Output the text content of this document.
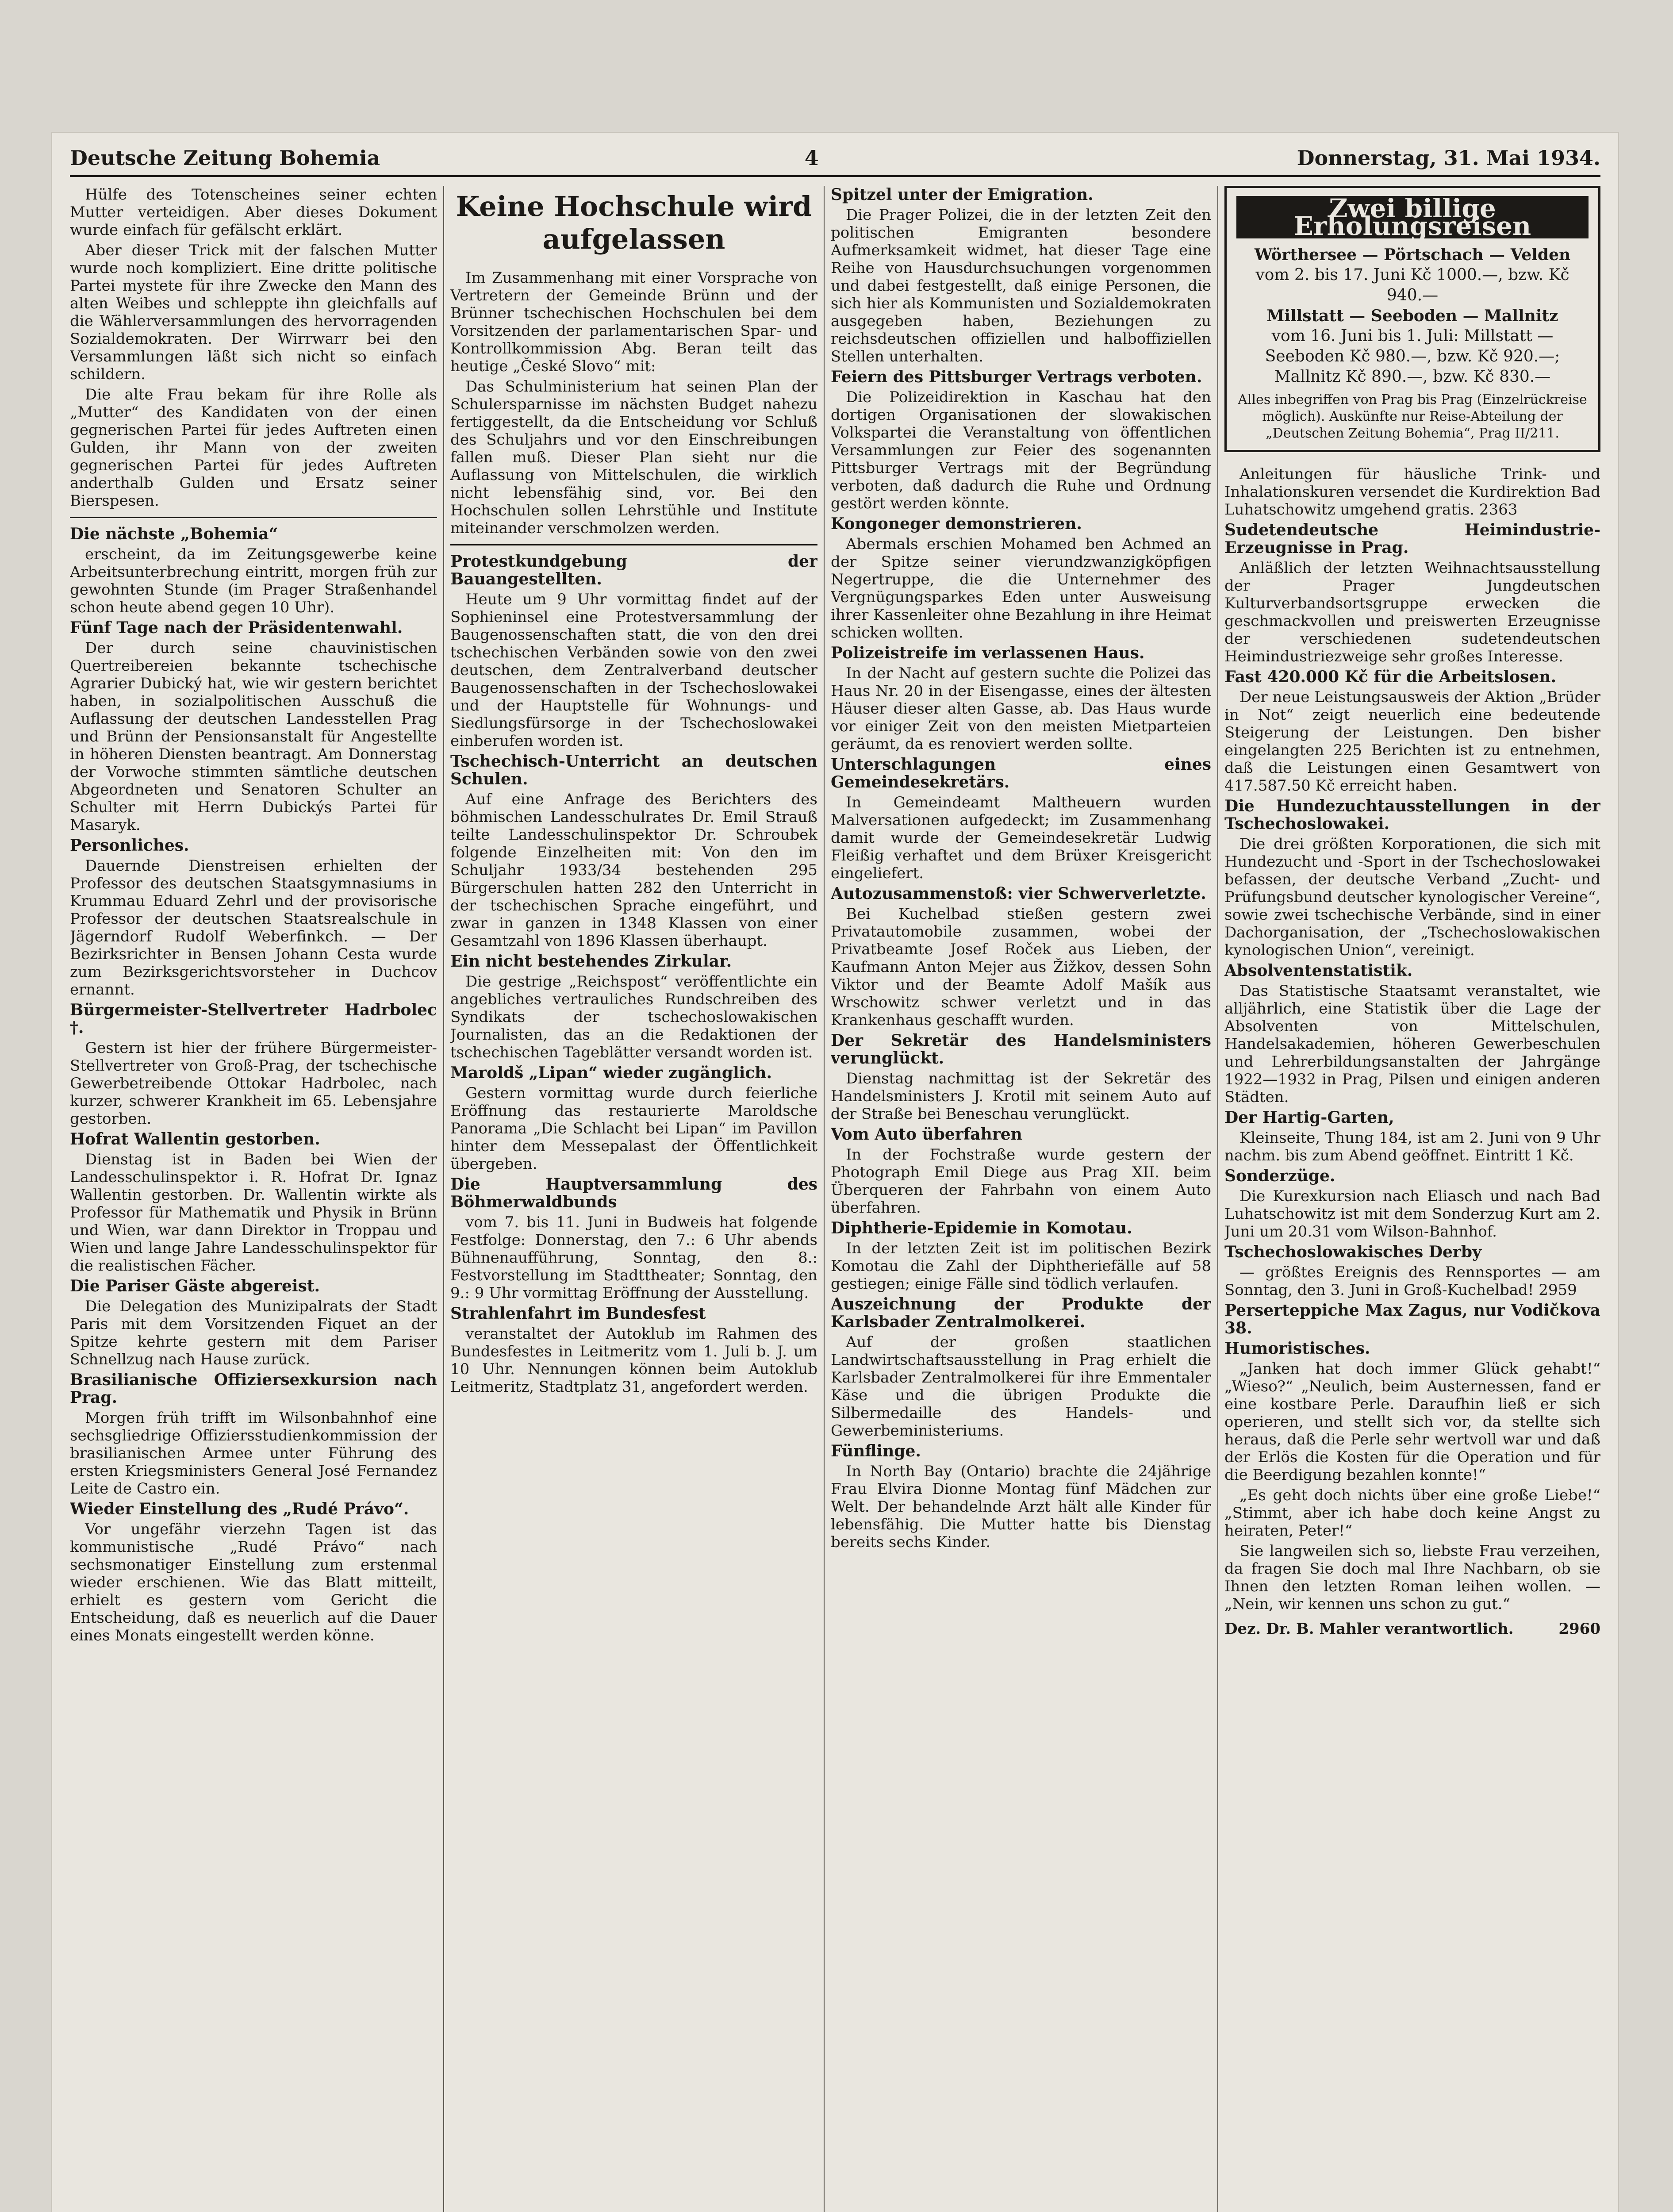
Deutsche Zeitung Bohemia	4	Donnerstag, 31. Mai 1934.

Hülfe des Totenscheines seiner echten Mutter verteidigen. Aber dieses Dokument wurde einfach für gefälscht erklärt.

Aber dieser Trick mit der falschen Mutter wurde noch kompliziert. Eine dritte politische Partei mystete für ihre Zwecke den Mann des alten Weibes und schleppte ihn gleichfalls auf die Wählerversammlungen des hervorragenden Sozialdemokraten. Der Wirrwarr bei den Versammlungen läßt sich nicht so einfach schildern.

Die alte Frau bekam für ihre Rolle als „Mutter“ des Kandidaten von der einen gegnerischen Partei für jedes Auftreten einen Gulden, ihr Mann von der zweiten gegnerischen Partei für jedes Auftreten anderthalb Gulden und Ersatz seiner Bierspesen.

Die nächste „Bohemia“

erscheint, da im Zeitungsgewerbe keine Arbeitsunterbrechung eintritt, morgen früh zur gewohnten Stunde (im Prager Straßenhandel schon heute abend gegen 10 Uhr).

Fünf Tage nach der Präsidentenwahl.

Der durch seine chauvinistischen Quertreibereien bekannte tschechische Agrarier Dubický hat, wie wir gestern berichtet haben, in sozialpolitischen Ausschuß die Auflassung der deutschen Landesstellen Prag und Brünn der Pensionsanstalt für Angestellte in höheren Diensten beantragt. Am Donnerstag der Vorwoche stimmten sämtliche deutschen Abgeordneten und Senatoren Schulter an Schulter mit Herrn Dubickýs Partei für Masaryk.

Personliches.

Dauernde Dienstreisen erhielten der Professor des deutschen Staatsgymnasiums in Krummau Eduard Zehrl und der provisorische Professor der deutschen Staatsrealschule in Jägerndorf Rudolf Weberfinkch. — Der Bezirksrichter in Bensen Johann Cesta wurde zum Bezirksgerichtsvorsteher in Duchcov ernannt.

Bürgermeister-Stellvertreter Hadrboleс †.

Gestern ist hier der frühere Bürgermeister-Stellvertreter von Groß-Prag, der tschechische Gewerbetreibende Ottokar Hadrboleс, nach kurzer, schwerer Krankheit im 65. Lebensjahre gestorben.

Hofrat Wallentin gestorben.

Dienstag ist in Baden bei Wien der Landesschulinspektor i. R. Hofrat Dr. Ignaz Wallentin gestorben. Dr. Wallentin wirkte als Professor für Mathematik und Physik in Brünn und Wien, war dann Direktor in Troppau und Wien und lange Jahre Landesschulinspektor für die realistischen Fächer.

Die Pariser Gäste abgereist.

Die Delegation des Munizipalrats der Stadt Paris mit dem Vorsitzenden Fiquet an der Spitze kehrte gestern mit dem Pariser Schnellzug nach Hause zurück.

Brasilianische Offiziersexkursion nach Prag.

Morgen früh trifft im Wilsonbahnhof eine sechsgliedrige Offiziersstudienkommission der brasilianischen Armee unter Führung des ersten Kriegsministers General José Fernandez Leite de Castro ein.

Wieder Einstellung des „Rudé Právo“.

Vor ungefähr vierzehn Tagen ist das kommunistische „Rudé Právo“ nach sechsmonatiger Einstellung zum erstenmal wieder erschienen. Wie das Blatt mitteilt, erhielt es gestern vom Gericht die Entscheidung, daß es neuerlich auf die Dauer eines Monats eingestellt werden könne.

Keine Hochschule wird aufgelassen

Im Zusammenhang mit einer Vorsprache von Vertretern der Gemeinde Brünn und der Brünner tschechischen Hochschulen bei dem Vorsitzenden der parlamentarischen Spar- und Kontrollkommission Abg. Beran teilt das heutige „České Slovo“ mit:

Das Schulministerium hat seinen Plan der Schulersparnisse im nächsten Budget nahezu fertiggestellt, da die Entscheidung vor Schluß des Schuljahrs und vor den Einschreibungen fallen muß. Dieser Plan sieht nur die Auflassung von Mittelschulen, die wirklich nicht lebensfähig sind, vor. Bei den Hochschulen sollen Lehrstühle und Institute miteinander verschmolzen werden.

Protestkundgebung der Bauangestellten.

Heute um 9 Uhr vormittag findet auf der Sophieninsel eine Protestversammlung der Baugenossenschaften statt, die von den drei tschechischen Verbänden sowie von den zwei deutschen, dem Zentralverband deutscher Baugenossenschaften in der Tschechoslowakei und der Hauptstelle für Wohnungs- und Siedlungsfürsorge in der Tschechoslowakei einberufen worden ist.

Tschechisch-Unterricht an deutschen Schulen.

Auf eine Anfrage des Berichters des böhmischen Landesschulrates Dr. Emil Strauß teilte Landesschulinspektor Dr. Schroubek folgende Einzelheiten mit: Von den im Schuljahr 1933/34 bestehenden 295 Bürgerschulen hatten 282 den Unterricht in der tschechischen Sprache eingeführt, und zwar in ganzen in 1348 Klassen von einer Gesamtzahl von 1896 Klassen überhaupt.

Ein nicht bestehendes Zirkular.

Die gestrige „Reichspost“ veröffentlichte ein angebliches vertrauliches Rundschreiben des Syndikats der tschechoslowakischen Journalisten, das an die Redaktionen der tschechischen Tageblätter versandt worden ist.

Maroldš „Lipan“ wieder zugänglich.

Gestern vormittag wurde durch feierliche Eröffnung das restaurierte Maroldsche Panorama „Die Schlacht bei Lipan“ im Pavillon hinter dem Messepalast der Öffentlichkeit übergeben.

Die Hauptversammlung des Böhmerwaldbunds

vom 7. bis 11. Juni in Budweis hat folgende Festfolge: Donnerstag, den 7.: 6 Uhr abends Bühnenaufführung, Sonntag, den 8.: Festvorstellung im Stadttheater; Sonntag, den 9.: 9 Uhr vormittag Eröffnung der Ausstellung.

Strahlenfahrt im Bundesfest

veranstaltet der Autoklub im Rahmen des Bundesfestes in Leitmeritz vom 1. Juli b. J. um 10 Uhr. Nennungen können beim Autoklub Leitmeritz, Stadtplatz 31, angefordert werden.

Spitzel unter der Emigration.

Die Prager Polizei, die in der letzten Zeit den politischen Emigranten besondere Aufmerksamkeit widmet, hat dieser Tage eine Reihe von Hausdurchsuchungen vorgenommen und dabei festgestellt, daß einige Personen, die sich hier als Kommunisten und Sozialdemokraten ausgegeben haben, Beziehungen zu reichsdeutschen offiziellen und halboffiziellen Stellen unterhalten.

Feiern des Pittsburger Vertrags verboten.

Die Polizeidirektion in Kaschau hat den dortigen Organisationen der slowakischen Volkspartei die Veranstaltung von öffentlichen Versammlungen zur Feier des sogenannten Pittsburger Vertrags mit der Begründung verboten, daß dadurch die Ruhe und Ordnung gestört werden könnte.

Kongoneger demonstrieren.

Abermals erschien Mohamed ben Achmed an der Spitze seiner vierundzwanzigköpfigen Negertruppe, die die Unternehmer des Vergnügungsparkes Eden unter Ausweisung ihrer Kassenleiter ohne Bezahlung in ihre Heimat schicken wollten.

Polizeistreife im verlassenen Haus.

In der Nacht auf gestern suchte die Polizei das Haus Nr. 20 in der Eisengasse, eines der ältesten Häuser dieser alten Gasse, ab. Das Haus wurde vor einiger Zeit von den meisten Mietparteien geräumt, da es renoviert werden sollte.

Unterschlagungen eines Gemeindesekretärs.

In Gemeindeamt Maltheuern wurden Malversationen aufgedeckt; im Zusammenhang damit wurde der Gemeindesekretär Ludwig Fleißig verhaftet und dem Brüxer Kreisgericht eingeliefert.

Autozusammenstoß: vier Schwerverletzte.

Bei Kuchelbad stießen gestern zwei Privatautomobile zusammen, wobei der Privatbeamte Josef Roček aus Lieben, der Kaufmann Anton Mejer aus Žižkov, dessen Sohn Viktor und der Beamte Adolf Mašík aus Wrschowitz schwer verletzt und in das Krankenhaus geschafft wurden.

Der Sekretär des Handelsministers verunglückt.

Dienstag nachmittag ist der Sekretär des Handelsministers J. Krotil mit seinem Auto auf der Straße bei Beneschau verunglückt.

Vom Auto überfahren

In der Fochstraße wurde gestern der Photograph Emil Diege aus Prag XII. beim Überqueren der Fahrbahn von einem Auto überfahren.

Diphtherie-Epidemie in Komotau.

In der letzten Zeit ist im politischen Bezirk Komotau die Zahl der Diphtheriefälle auf 58 gestiegen; einige Fälle sind tödlich verlaufen.

Auszeichnung der Produkte der Karlsbader Zentralmolkerei.

Auf der großen staatlichen Landwirtschaftsausstellung in Prag erhielt die Karlsbader Zentralmolkerei für ihre Emmentaler Käse und die übrigen Produkte die Silbermedaille des Handels- und Gewerbeministeriums.

Fünflinge.

In North Bay (Ontario) brachte die 24jährige Frau Elvira Dionne Montag fünf Mädchen zur Welt. Der behandelnde Arzt hält alle Kinder für lebensfähig. Die Mutter hatte bis Dienstag bereits sechs Kinder.

Zwei billige Erholungsreisen
Wörthersee — Pörtschach — Velden
vom 2. bis 17. Juni Kč 1000.—, bzw. Kč 940.—
Millstatt — Seeboden — Mallnitz
vom 16. Juni bis 1. Juli: Millstatt — Seeboden Kč 980.—, bzw. Kč 920.—; Mallnitz Kč 890.—, bzw. Kč 830.—
Alles inbegriffen von Prag bis Prag (Einzelrückreise möglich). Auskünfte nur Reise-Abteilung der „Deutschen Zeitung Bohemia“, Prag II/211.

Anleitungen für häusliche Trink- und Inhalationskuren versendet die Kurdirektion Bad Luhatschowitz umgehend gratis. 2363

Sudetendeutsche Heimindustrie-Erzeugnisse in Prag.

Anläßlich der letzten Weihnachtsausstellung der Prager Jungdeutschen Kulturverbandsortsgruppe erwecken die geschmackvollen und preiswerten Erzeugnisse der verschiedenen sudetendeutschen Heimindustriezweige sehr großes Interesse.

Fast 420.000 Kč für die Arbeitslosen.

Der neue Leistungsausweis der Aktion „Brüder in Not“ zeigt neuerlich eine bedeutende Steigerung der Leistungen. Den bisher eingelangten 225 Berichten ist zu entnehmen, daß die Leistungen einen Gesamtwert von 417.587.50 Kč erreicht haben.

Die Hundezuchtausstellungen in der Tschechoslowakei.

Die drei größten Korporationen, die sich mit Hundezucht und -Sport in der Tschechoslowakei befassen, der deutsche Verband „Zucht- und Prüfungsbund deutscher kynologischer Vereine“, sowie zwei tschechische Verbände, sind in einer Dachorganisation, der „Tschechoslowakischen kynologischen Union“, vereinigt.

Absolventenstatistik.

Das Statistische Staatsamt veranstaltet, wie alljährlich, eine Statistik über die Lage der Absolventen von Mittelschulen, Handelsakademien, höheren Gewerbeschulen und Lehrerbildungsanstalten der Jahrgänge 1922—1932 in Prag, Pilsen und einigen anderen Städten.

Der Hartig-Garten,

Kleinseite, Thung 184, ist am 2. Juni von 9 Uhr nachm. bis zum Abend geöffnet. Eintritt 1 Kč.

Sonderzüge.

Die Kurexkursion nach Eliasch und nach Bad Luhatschowitz ist mit dem Sonderzug Kurt am 2. Juni um 20.31 vom Wilson-Bahnhof.

Tschechoslowakisches Derby

— größtes Ereignis des Rennsportes — am Sonntag, den 3. Juni in Groß-Kuchelbad! 2959

Perserteppiche Max Zagus, nur Vodičkova 38.

Humoristisches.

„Janken hat doch immer Glück gehabt!“ „Wieso?“ „Neulich, beim Austernessen, fand er eine kostbare Perle. Daraufhin ließ er sich operieren, und stellt sich vor, da stellte sich heraus, daß die Perle sehr wertvoll war und daß der Erlös die Kosten für die Operation und für die Beerdigung bezahlen konnte!“

„Es geht doch nichts über eine große Liebe!“ „Stimmt, aber ich habe doch keine Angst zu heiraten, Peter!“

Sie langweilen sich so, liebste Frau verzeihen, da fragen Sie doch mal Ihre Nachbarn, ob sie Ihnen den letzten Roman leihen wollen. — „Nein, wir kennen uns schon zu gut.“

Dez. Dr. B. Mahler verantwortlich.	2960
